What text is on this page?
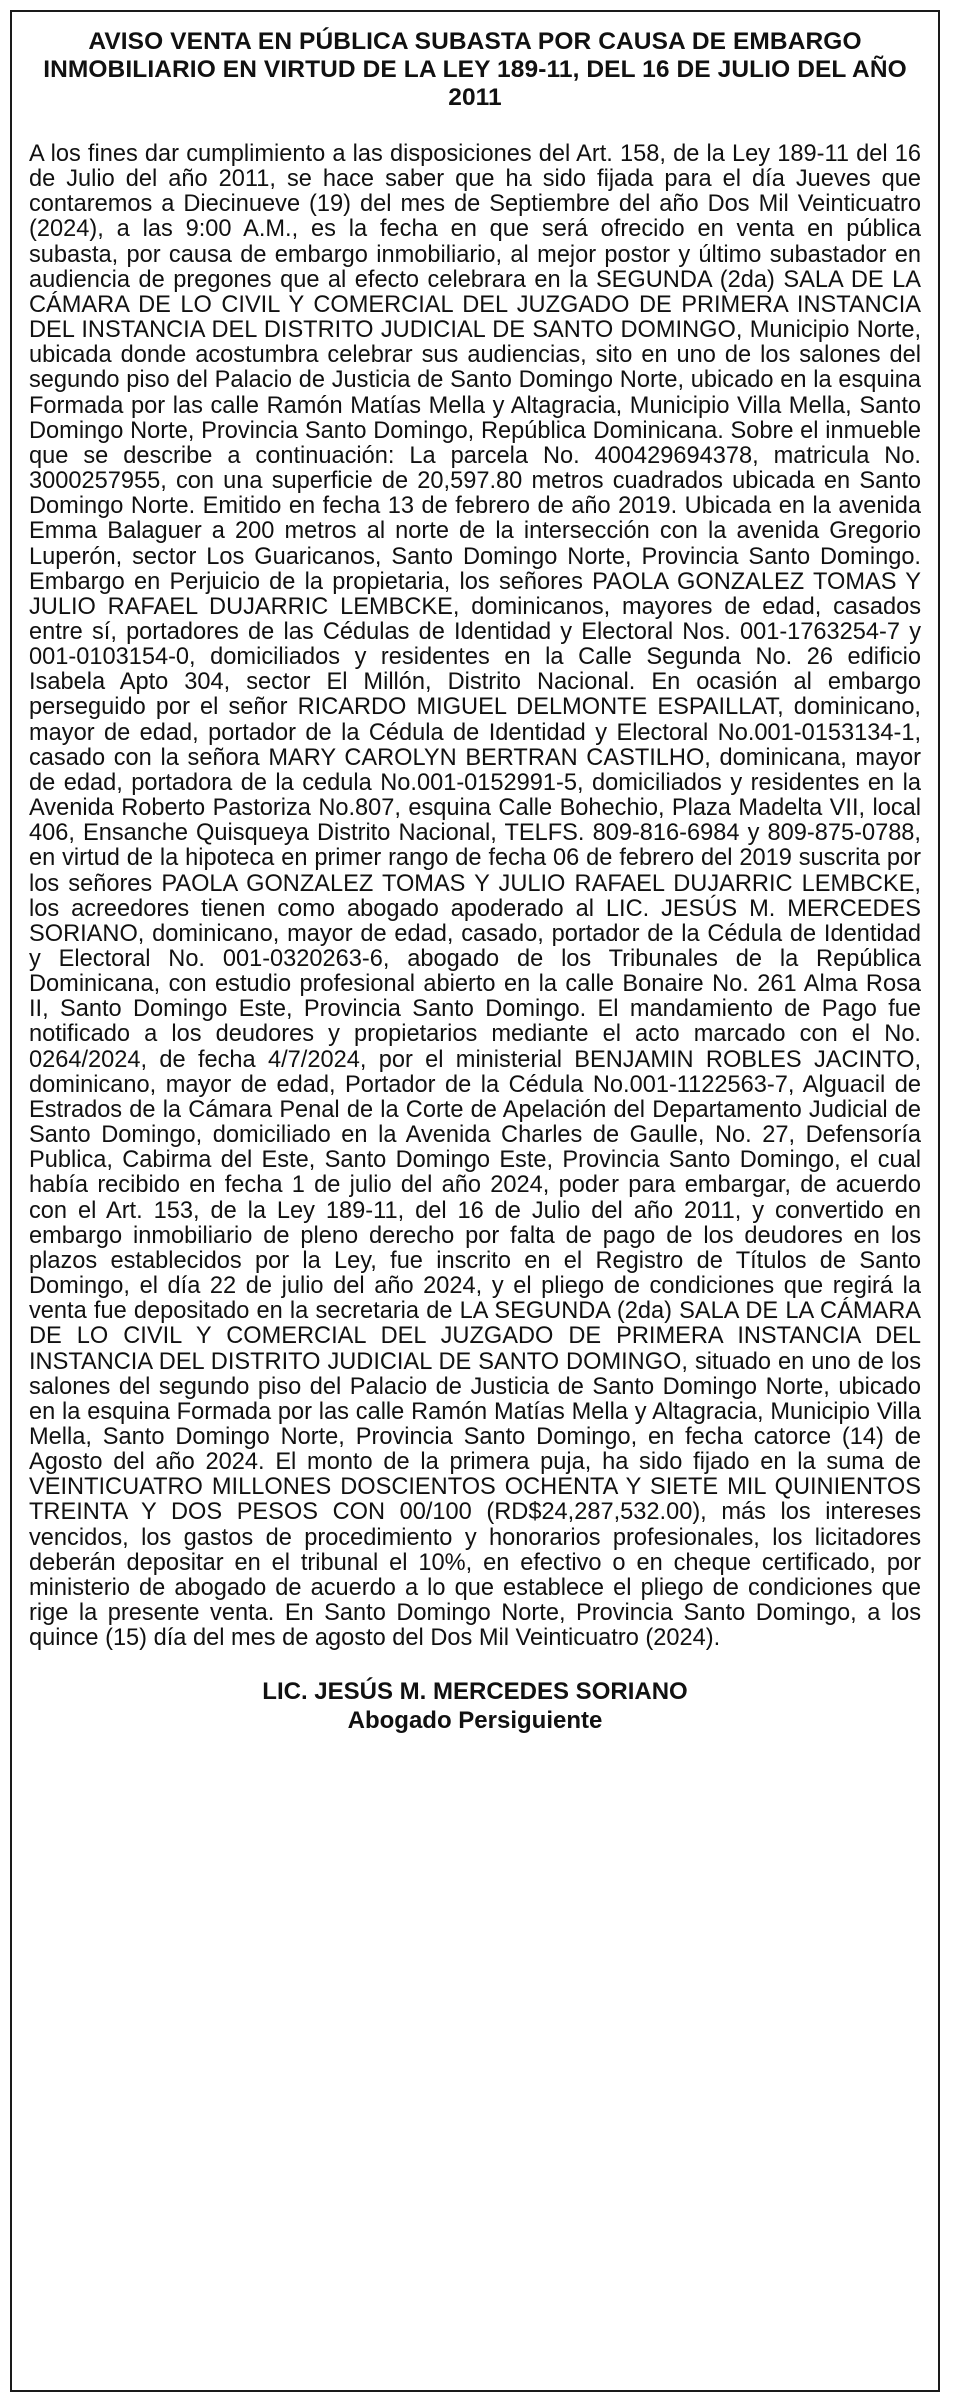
AVISO VENTA EN PÚBLICA SUBASTA POR CAUSA DE EMBARGO INMOBILIARIO EN VIRTUD DE LA LEY 189-11, DEL 16 DE JULIO DEL AÑO 2011

A los fines dar cumplimiento a las disposiciones del Art. 158, de la Ley 189-11 del 16 de Julio del año 2011, se hace saber que ha sido fijada para el día Jueves que contaremos a Diecinueve (19) del mes de Septiembre del año Dos Mil Veinticuatro (2024), a las 9:00 A.M., es la fecha en que será ofrecido en venta en pública subasta, por causa de embargo inmobiliario, al mejor postor y último subastador en audiencia de pregones que al efecto celebrara en la SEGUNDA (2da) SALA DE LA CÁMARA DE LO CIVIL Y COMERCIAL DEL JUZGADO DE PRIMERA INSTANCIA DEL INSTANCIA DEL DISTRITO JUDICIAL DE SANTO DOMINGO, Municipio Norte, ubicada donde acostumbra celebrar sus audiencias, sito en uno de los salones del segundo piso del Palacio de Justicia de Santo Domingo Norte, ubicado en la esquina Formada por las calle Ramón Matías Mella y Altagracia, Municipio Villa Mella, Santo Domingo Norte, Provincia Santo Domingo, República Dominicana. Sobre el inmueble que se describe a continuación: La parcela No. 400429694378, matricula No. 3000257955, con una superficie de 20,597.80 metros cuadrados ubicada en Santo Domingo Norte. Emitido en fecha 13 de febrero de año 2019. Ubicada en la avenida Emma Balaguer a 200 metros al norte de la intersección con la avenida Gregorio Luperón, sector Los Guaricanos, Santo Domingo Norte, Provincia Santo Domingo. Embargo en Perjuicio de la propietaria, los señores PAOLA GONZALEZ TOMAS Y JULIO RAFAEL DUJARRIC LEMBCKE, dominicanos, mayores de edad, casados entre sí, portadores de las Cédulas de Identidad y Electoral Nos. 001-1763254-7 y 001-0103154-0, domiciliados y residentes en la Calle Segunda No. 26 edificio Isabela Apto 304, sector El Millón, Distrito Nacional. En ocasión al embargo perseguido por el señor RICARDO MIGUEL DELMONTE ESPAILLAT, dominicano, mayor de edad, portador de la Cédula de Identidad y Electoral No.001-0153134-1, casado con la señora MARY CAROLYN BERTRAN CASTILHO, dominicana, mayor de edad, portadora de la cedula No.001-0152991-5, domiciliados y residentes en la Avenida Roberto Pastoriza No.807, esquina Calle Bohechio, Plaza Madelta VII, local 406, Ensanche Quisqueya Distrito Nacional, TELFS. 809-816-6984 y 809-875-0788, en virtud de la hipoteca en primer rango de fecha 06 de febrero del 2019 suscrita por los señores PAOLA GONZALEZ TOMAS Y JULIO RAFAEL DUJARRIC LEMBCKE, los acreedores tienen como abogado apoderado al LIC. JESÚS M. MERCEDES SORIANO, dominicano, mayor de edad, casado, portador de la Cédula de Identidad y Electoral No. 001-0320263-6, abogado de los Tribunales de la República Dominicana, con estudio profesional abierto en la calle Bonaire No. 261 Alma Rosa II, Santo Domingo Este, Provincia Santo Domingo. El mandamiento de Pago fue notificado a los deudores y propietarios mediante el acto marcado con el No. 0264/2024, de fecha 4/7/2024, por el ministerial BENJAMIN ROBLES JACINTO, dominicano, mayor de edad, Portador de la Cédula No.001-1122563-7, Alguacil de Estrados de la Cámara Penal de la Corte de Apelación del Departamento Judicial de Santo Domingo, domiciliado en la Avenida Charles de Gaulle, No. 27, Defensoría Publica, Cabirma del Este, Santo Domingo Este, Provincia Santo Domingo, el cual había recibido en fecha 1 de julio del año 2024, poder para embargar, de acuerdo con el Art. 153, de la Ley 189-11, del 16 de Julio del año 2011, y convertido en embargo inmobiliario de pleno derecho por falta de pago de los deudores en los plazos establecidos por la Ley, fue inscrito en el Registro de Títulos de Santo Domingo, el día 22 de julio del año 2024, y el pliego de condiciones que regirá la venta fue depositado en la secretaria de LA SEGUNDA (2da) SALA DE LA CÁMARA DE LO CIVIL Y COMERCIAL DEL JUZGADO DE PRIMERA INSTANCIA DEL INSTANCIA DEL DISTRITO JUDICIAL DE SANTO DOMINGO, situado en uno de los salones del segundo piso del Palacio de Justicia de Santo Domingo Norte, ubicado en la esquina Formada por las calle Ramón Matías Mella y Altagracia, Municipio Villa Mella, Santo Domingo Norte, Provincia Santo Domingo, en fecha catorce (14) de Agosto del año 2024. El monto de la primera puja, ha sido fijado en la suma de VEINTICUATRO MILLONES DOSCIENTOS OCHENTA Y SIETE MIL QUINIENTOS TREINTA Y DOS PESOS CON 00/100 (RD$24,287,532.00), más los intereses vencidos, los gastos de procedimiento y honorarios profesionales, los licitadores deberán depositar en el tribunal el 10%, en efectivo o en cheque certificado, por ministerio de abogado de acuerdo a lo que establece el pliego de condiciones que rige la presente venta. En Santo Domingo Norte, Provincia Santo Domingo, a los quince (15) día del mes de agosto del Dos Mil Veinticuatro (2024).

LIC. JESÚS M. MERCEDES SORIANO
Abogado Persiguiente
